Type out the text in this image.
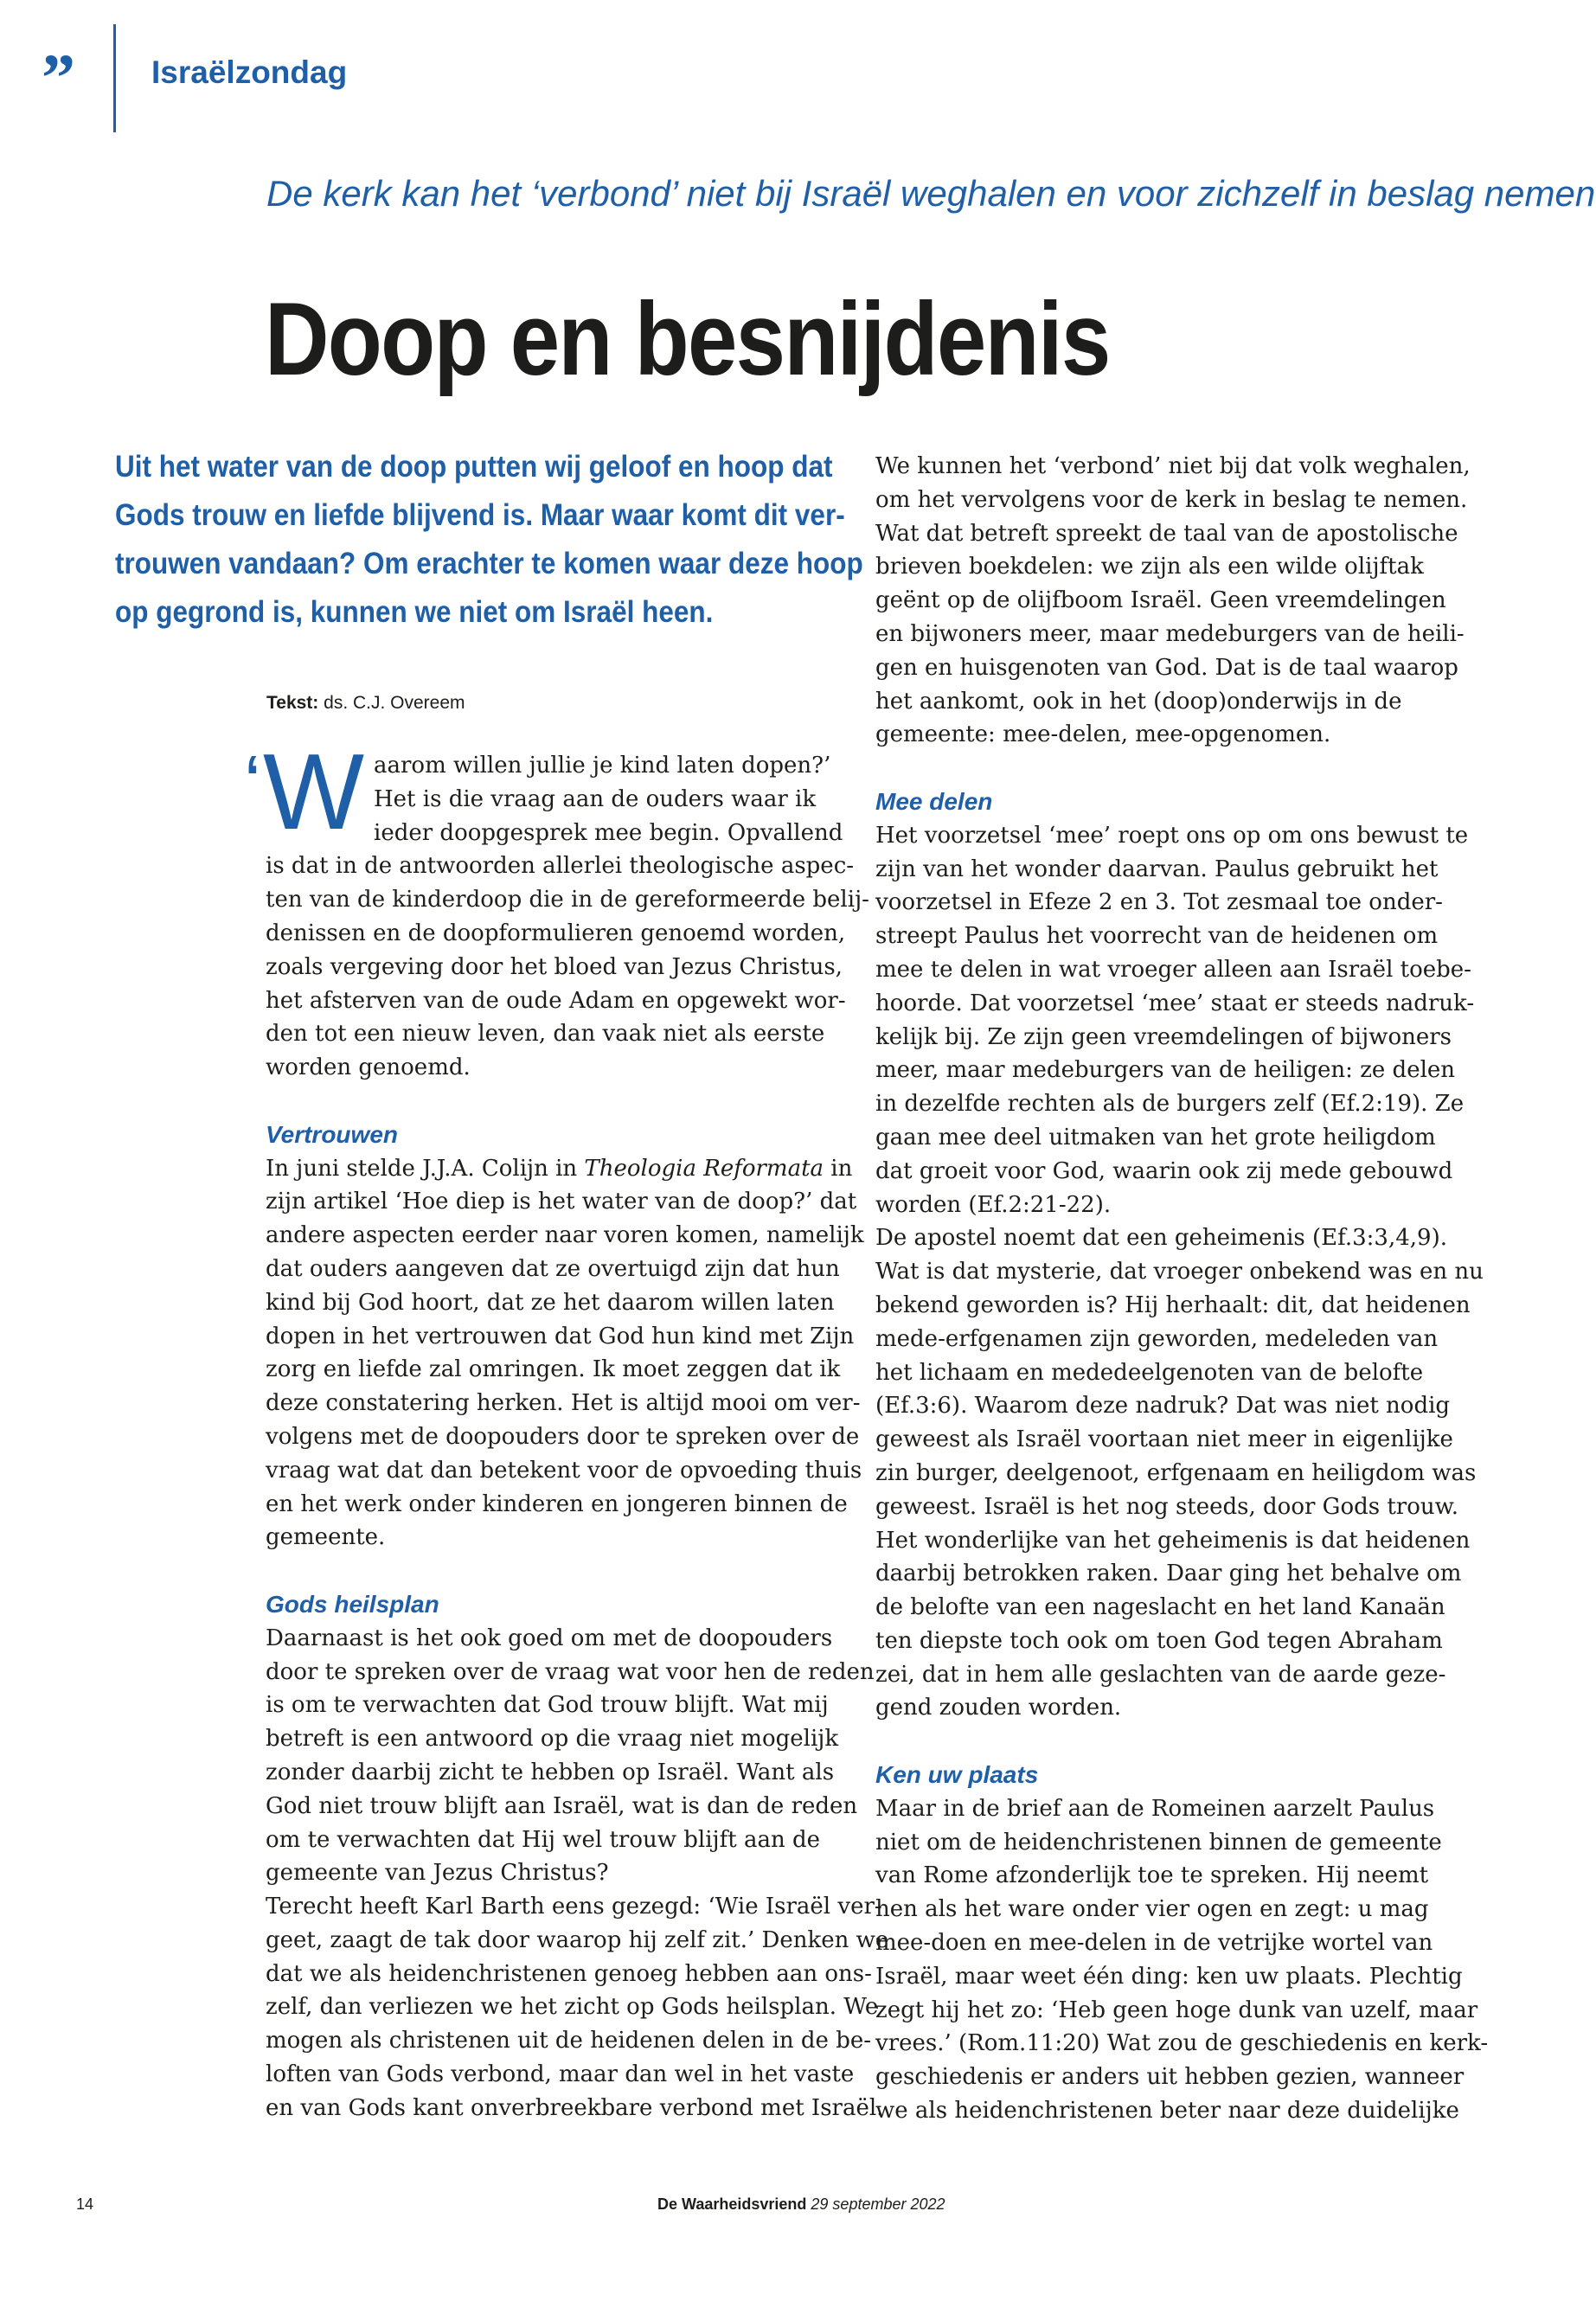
” Israëlzondag
De kerk kan het ‘verbond’ niet bij Israël weghalen en voor zichzelf in beslag nemen
Doop en besnijdenis
Uit het water van de doop putten wij geloof en hoop dat
Gods trouw en liefde blijvend is. Maar waar komt dit ver-
trouwen vandaan? Om erachter te komen waar deze hoop
op gegrond is, kunnen we niet om Israël heen.
Tekst: ds. C.J. Overeem
‘W aarom willen jullie je kind laten dopen?’
Het is die vraag aan de ouders waar ik
ieder doopgesprek mee begin. Opvallend
is dat in de antwoorden allerlei theologische aspec-
ten van de kinderdoop die in de gereformeerde belij-
denissen en de doopformulieren genoemd worden,
zoals vergeving door het bloed van Jezus Christus,
het afsterven van de oude Adam en opgewekt wor-
den tot een nieuw leven, dan vaak niet als eerste
worden genoemd.
Vertrouwen
In juni stelde J.J.A. Colijn in Theologia Reformata in
zijn artikel ‘Hoe diep is het water van de doop?’ dat
andere aspecten eerder naar voren komen, namelijk
dat ouders aangeven dat ze overtuigd zijn dat hun
kind bij God hoort, dat ze het daarom willen laten
dopen in het vertrouwen dat God hun kind met Zijn
zorg en liefde zal omringen. Ik moet zeggen dat ik
deze constatering herken. Het is altijd mooi om ver-
volgens met de doopouders door te spreken over de
vraag wat dat dan betekent voor de opvoeding thuis
en het werk onder kinderen en jongeren binnen de
gemeente.
Gods heilsplan
Daarnaast is het ook goed om met de doopouders
door te spreken over de vraag wat voor hen de reden
is om te verwachten dat God trouw blijft. Wat mij
betreft is een antwoord op die vraag niet mogelijk
zonder daarbij zicht te hebben op Israël. Want als
God niet trouw blijft aan Israël, wat is dan de reden
om te verwachten dat Hij wel trouw blijft aan de
gemeente van Jezus Christus?
Terecht heeft Karl Barth eens gezegd: ‘Wie Israël ver-
geet, zaagt de tak door waarop hij zelf zit.’ Denken we
dat we als heidenchristenen genoeg hebben aan ons-
zelf, dan verliezen we het zicht op Gods heilsplan. We
mogen als christenen uit de heidenen delen in de be-
loften van Gods verbond, maar dan wel in het vaste
en van Gods kant onverbreekbare verbond met Israël.
We kunnen het ‘verbond’ niet bij dat volk weghalen,
om het vervolgens voor de kerk in beslag te nemen.
Wat dat betreft spreekt de taal van de apostolische
brieven boekdelen: we zijn als een wilde olijftak
geënt op de olijfboom Israël. Geen vreemdelingen
en bijwoners meer, maar medeburgers van de heili-
gen en huisgenoten van God. Dat is de taal waarop
het aankomt, ook in het (doop)onderwijs in de
gemeente: mee-delen, mee-opgenomen.
Mee delen
Het voorzetsel ‘mee’ roept ons op om ons bewust te
zijn van het wonder daarvan. Paulus gebruikt het
voorzetsel in Efeze 2 en 3. Tot zesmaal toe onder-
streept Paulus het voorrecht van de heidenen om
mee te delen in wat vroeger alleen aan Israël toebe-
hoorde. Dat voorzetsel ‘mee’ staat er steeds nadruk-
kelijk bij. Ze zijn geen vreemdelingen of bijwoners
meer, maar medeburgers van de heiligen: ze delen
in dezelfde rechten als de burgers zelf (Ef.2:19). Ze
gaan mee deel uitmaken van het grote heiligdom
dat groeit voor God, waarin ook zij mede gebouwd
worden (Ef.2:21-22).
De apostel noemt dat een geheimenis (Ef.3:3,4,9).
Wat is dat mysterie, dat vroeger onbekend was en nu
bekend geworden is? Hij herhaalt: dit, dat heidenen
mede-erfgenamen zijn geworden, medeleden van
het lichaam en mededeelgenoten van de belofte
(Ef.3:6). Waarom deze nadruk? Dat was niet nodig
geweest als Israël voortaan niet meer in eigenlijke
zin burger, deelgenoot, erfgenaam en heiligdom was
geweest. Israël is het nog steeds, door Gods trouw.
Het wonderlijke van het geheimenis is dat heidenen
daarbij betrokken raken. Daar ging het behalve om
de belofte van een nageslacht en het land Kanaän
ten diepste toch ook om toen God tegen Abraham
zei, dat in hem alle geslachten van de aarde geze-
gend zouden worden.
Ken uw plaats
Maar in de brief aan de Romeinen aarzelt Paulus
niet om de heidenchristenen binnen de gemeente
van Rome afzonderlijk toe te spreken. Hij neemt
hen als het ware onder vier ogen en zegt: u mag
mee-doen en mee-delen in de vetrijke wortel van
Israël, maar weet één ding: ken uw plaats. Plechtig
zegt hij het zo: ‘Heb geen hoge dunk van uzelf, maar
vrees.’ (Rom.11:20) Wat zou de geschiedenis en kerk-
geschiedenis er anders uit hebben gezien, wanneer
we als heidenchristenen beter naar deze duidelijke
14	De Waarheidsvriend 29 september 2022
